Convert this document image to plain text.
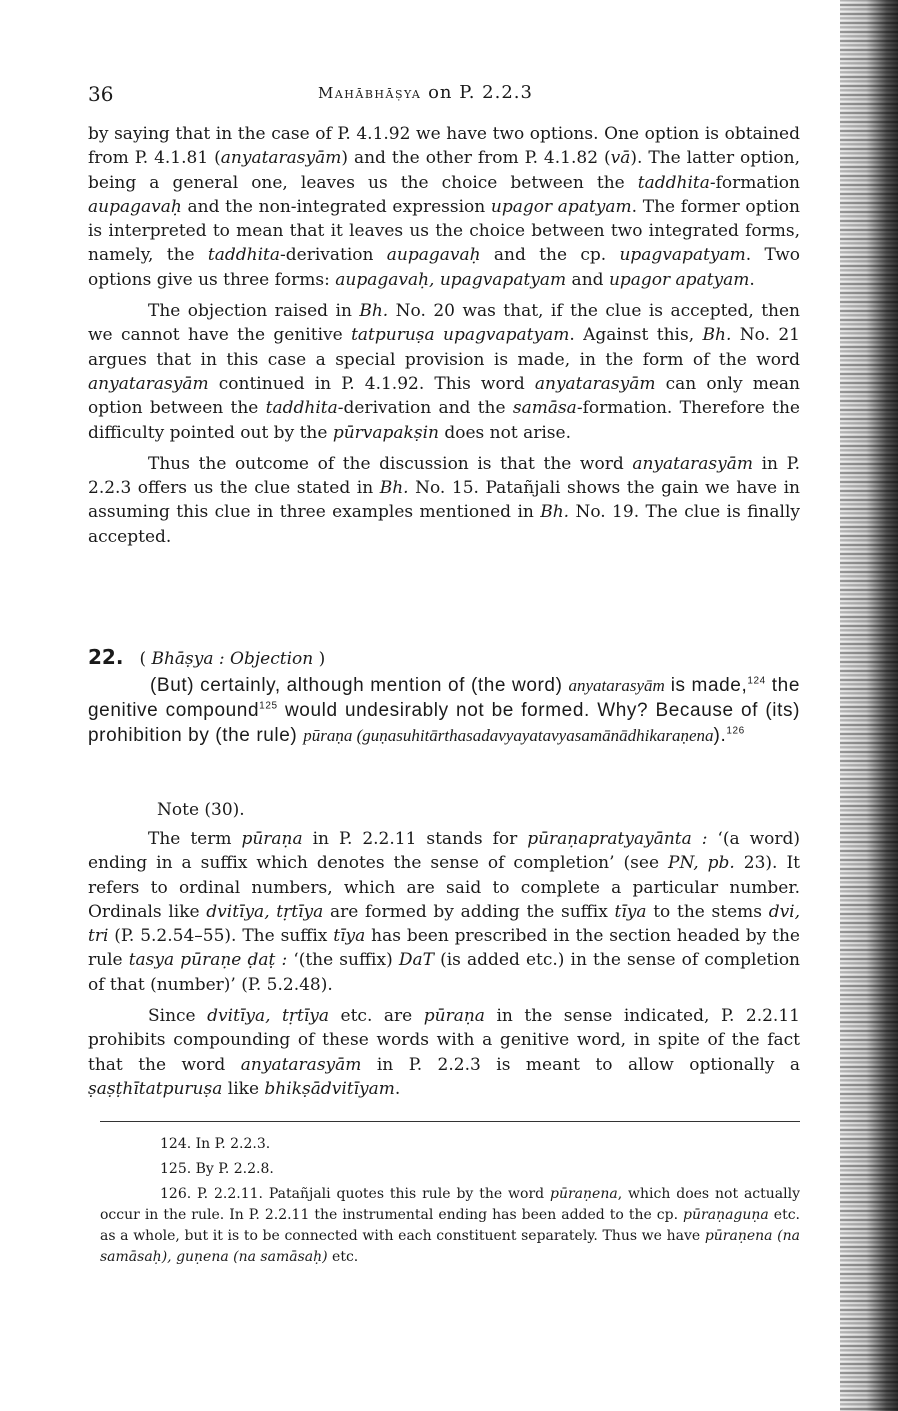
36	Mahābhāṣya on P. 2.2.3

by saying that in the case of P. 4.1.92 we have two options. One option is obtained from P. 4.1.81 (anyatarasyām) and the other from P. 4.1.82 (vā). The latter option, being a general one, leaves us the choice between the taddhita-formation aupagavaḥ and the non-integrated expression upagor apatyam. The former option is interpreted to mean that it leaves us the choice between two integrated forms, namely, the taddhita-derivation aupagavaḥ and the cp. upagvapatyam. Two options give us three forms: aupagavaḥ, upagvapatyam and upagor apatyam.

The objection raised in Bh. No. 20 was that, if the clue is accepted, then we cannot have the genitive tatpuruṣa upagvapatyam. Against this, Bh. No. 21 argues that in this case a special provision is made, in the form of the word anyatarasyām continued in P. 4.1.92. This word anyatarasyām can only mean option between the taddhita-derivation and the samāsa-formation. Therefore the difficulty pointed out by the pūrvapakṣin does not arise.

Thus the outcome of the discussion is that the word anyatarasyām in P. 2.2.3 offers us the clue stated in Bh. No. 15. Patañjali shows the gain we have in assuming this clue in three examples mentioned in Bh. No. 19. The clue is finally accepted.

22. ( Bhāṣya : Objection )

(But) certainly, although mention of (the word) anyatarasyām is made,$^{124}$ the genitive compound$^{125}$ would undesirably not be formed. Why? Because of (its) prohibition by (the rule) pūraṇa (guṇasuhitārthasadavyayatavyasamānādhikaraṇena).$^{126}$

Note (30).

The term pūraṇa in P. 2.2.11 stands for pūraṇapratyayānta : ‘(a word) ending in a suffix which denotes the sense of completion’ (see PN, pb. 23). It refers to ordinal numbers, which are said to complete a particular number. Ordinals like dvitīya, tṛtīya are formed by adding the suffix tīya to the stems dvi, tri (P. 5.2.54–55). The suffix tīya has been prescribed in the section headed by the rule tasya pūraṇe ḍaṭ : ‘(the suffix) DaT (is added etc.) in the sense of completion of that (number)’ (P. 5.2.48).

Since dvitīya, tṛtīya etc. are pūraṇa in the sense indicated, P. 2.2.11 prohibits compounding of these words with a genitive word, in spite of the fact that the word anyatarasyām in P. 2.2.3 is meant to allow optionally a ṣaṣṭhītatpuruṣa like bhikṣādvitīyam.

124. In P. 2.2.3.

125. By P. 2.2.8.

126. P. 2.2.11. Patañjali quotes this rule by the word pūraṇena, which does not actually occur in the rule. In P. 2.2.11 the instrumental ending has been added to the cp. pūraṇaguṇa etc. as a whole, but it is to be connected with each constituent separately. Thus we have pūraṇena (na samāsaḥ), guṇena (na samāsaḥ) etc.
